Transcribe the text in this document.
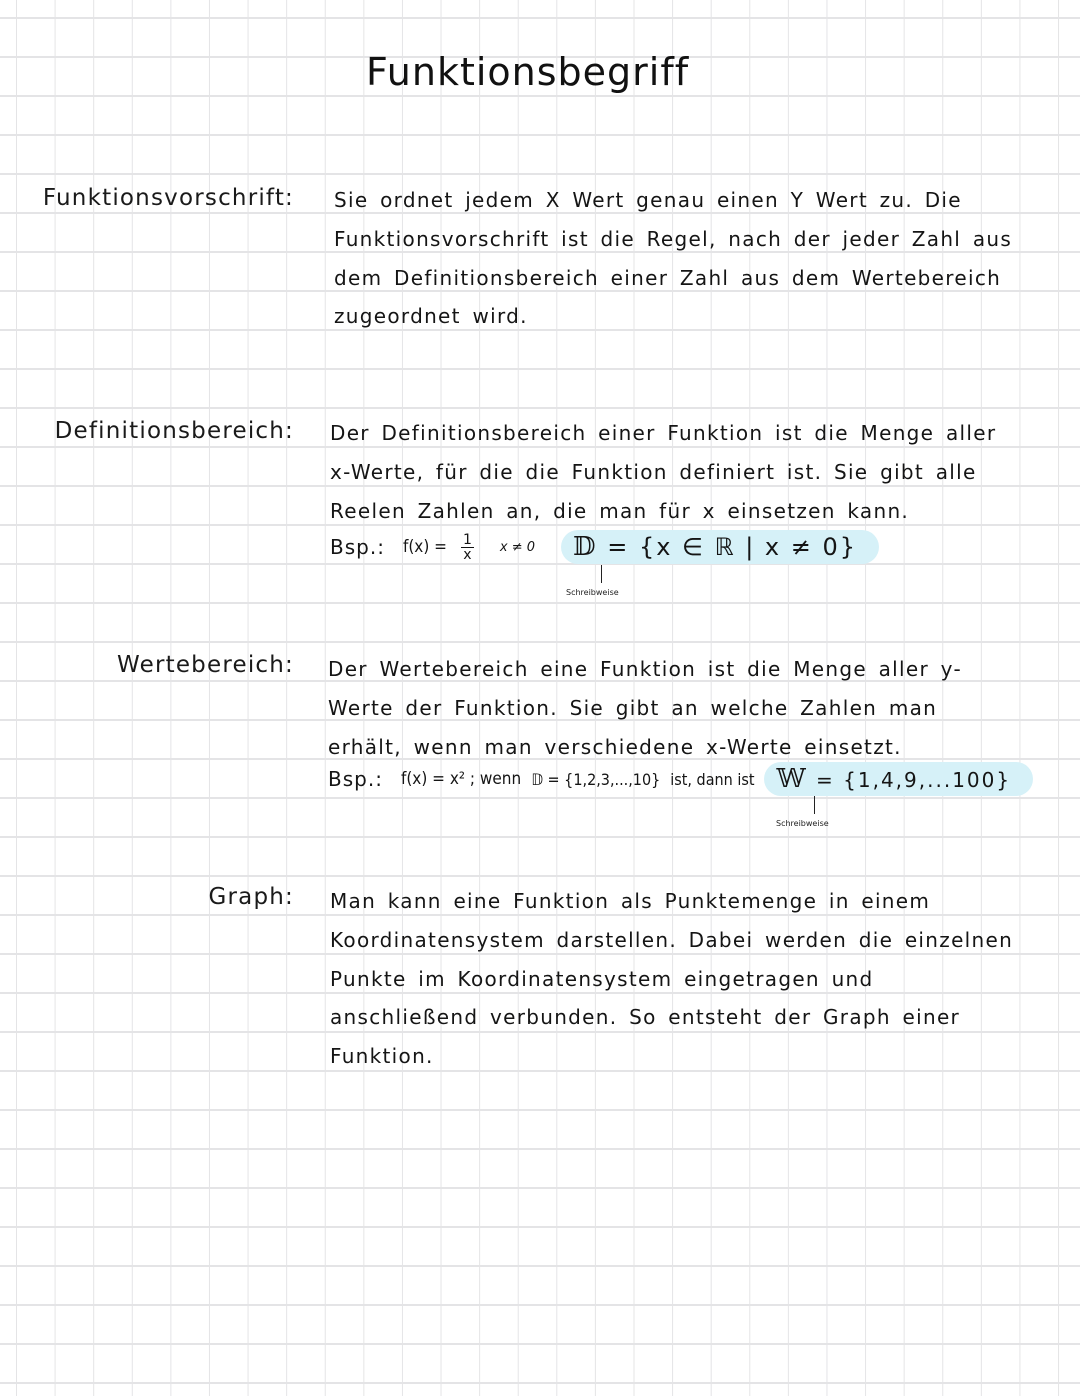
Funktionsbegriff
Funktionsvorschrift: Sie ordnet jedem X Wert genau einen Y Wert zu. Die Funktionsvorschrift ist die Regel, nach der jeder Zahl aus dem Definitionsbereich einer Zahl aus dem Wertebereich zugeordnet wird.
Definitionsbereich: Der Definitionsbereich einer Funktion ist die Menge aller x-Werte, für die die Funktion definiert ist. Sie gibt alle Reelen Zahlen an, die man für x einsetzen kann.
Bsp.: $f(x) = \frac{1}{x}$ x ≠ 0	𝔻 = {x ∈ ℝ | x ≠ 0}
Schreibweise
Wertebereich: Der Wertebereich eine Funktion ist die Menge aller y-Werte der Funktion. Sie gibt an welche Zahlen man erhält, wenn man verschiedene x-Werte einsetzt.
Bsp.: f(x) = x² ; wenn 𝔻 = {1,2,3,...,10} ist, dann ist 𝕎 = {1,4,9,...100}
Schreibweise
Graph: Man kann eine Funktion als Punktemenge in einem Koordinatensystem darstellen. Dabei werden die einzelnen Punkte im Koordinatensystem eingetragen und anschließend verbunden. So entsteht der Graph einer Funktion.
